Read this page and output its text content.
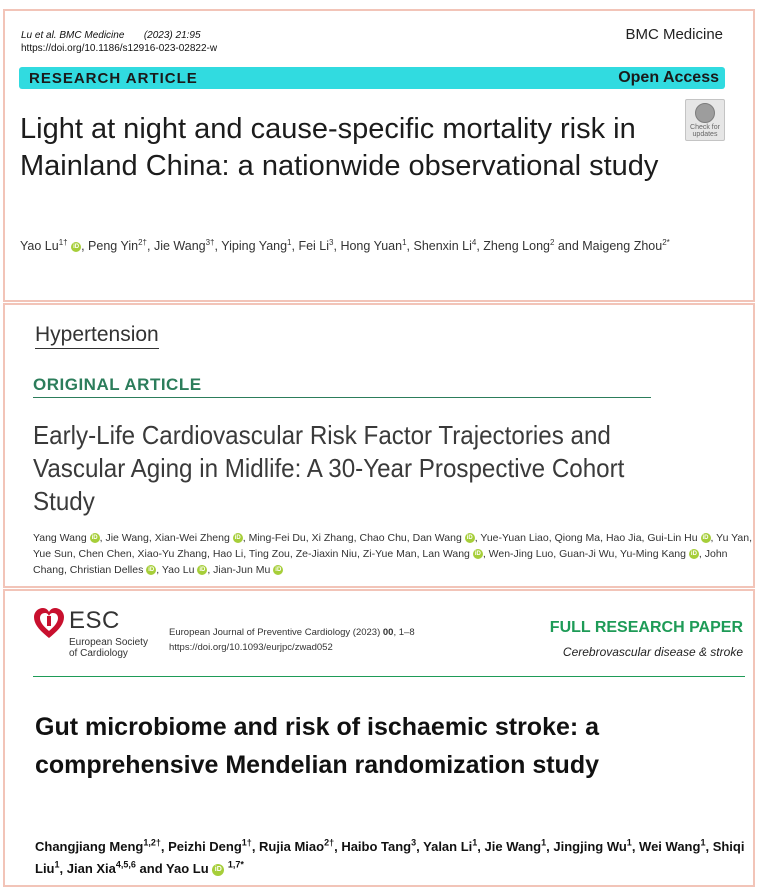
Lu et al. BMC Medicine (2023) 21:95
https://doi.org/10.1186/s12916-023-02822-w
BMC Medicine
RESEARCH ARTICLE	Open Access
Check for updates
Light at night and cause-specific mortality risk in Mainland China: a nationwide observational study
Yao $Lu^{1\dagger}$ iD , Peng Yin$^{2\dagger}$, Jie Wang$^{3\dagger}$, Yiping Yang$^1$, Fei Li$^3$, Hong Yuan$^1$, Shenxin Li$^4$, Zheng Long$^2$ and Maigeng Zhou$^{2*}$
Hypertension
ORIGINAL ARTICLE
Early-Life Cardiovascular Risk Factor Trajectories and Vascular Aging in Midlife: A 30-Year Prospective Cohort Study
Yang Wang iD , Jie Wang, Xian-Wei Zheng iD , Ming-Fei Du, Xi Zhang, Chao Chu, Dan Wang iD , Yue-Yuan Liao, Qiong Ma, Hao Jia, Gui-Lin Hu iD , Yu Yan, Yue Sun, Chen Chen, Xiao-Yu Zhang, Hao Li, Ting Zou, Ze-Jiaxin Niu, Zi-Yue Man, Lan Wang iD , Wen-Jing Luo, Guan-Ji Wu, Yu-Ming Kang iD , John Chang, Christian Delles iD , Yao Lu iD , Jian-Jun Mu iD
ESC
European Society
of Cardiology
European Journal of Preventive Cardiology (2023) 00, 1–8
https://doi.org/10.1093/eurjpc/zwad052
FULL RESEARCH PAPER
Cerebrovascular disease & stroke
Gut microbiome and risk of ischaemic stroke: a comprehensive Mendelian randomization study
Changjiang Meng$^{1,2\dagger}$, Peizhi Deng$^{1\dagger}$, Rujia Miao$^{2\dagger}$, Haibo Tang$^3$, Yalan Li$^1$, Jie Wang$^1$, Jingjing Wu$^1$, Wei Wang$^1$, Shiqi Liu$^1$, Jian Xia$^{4,5,6}$ and Yao Lu iD $^{1,7*}$
